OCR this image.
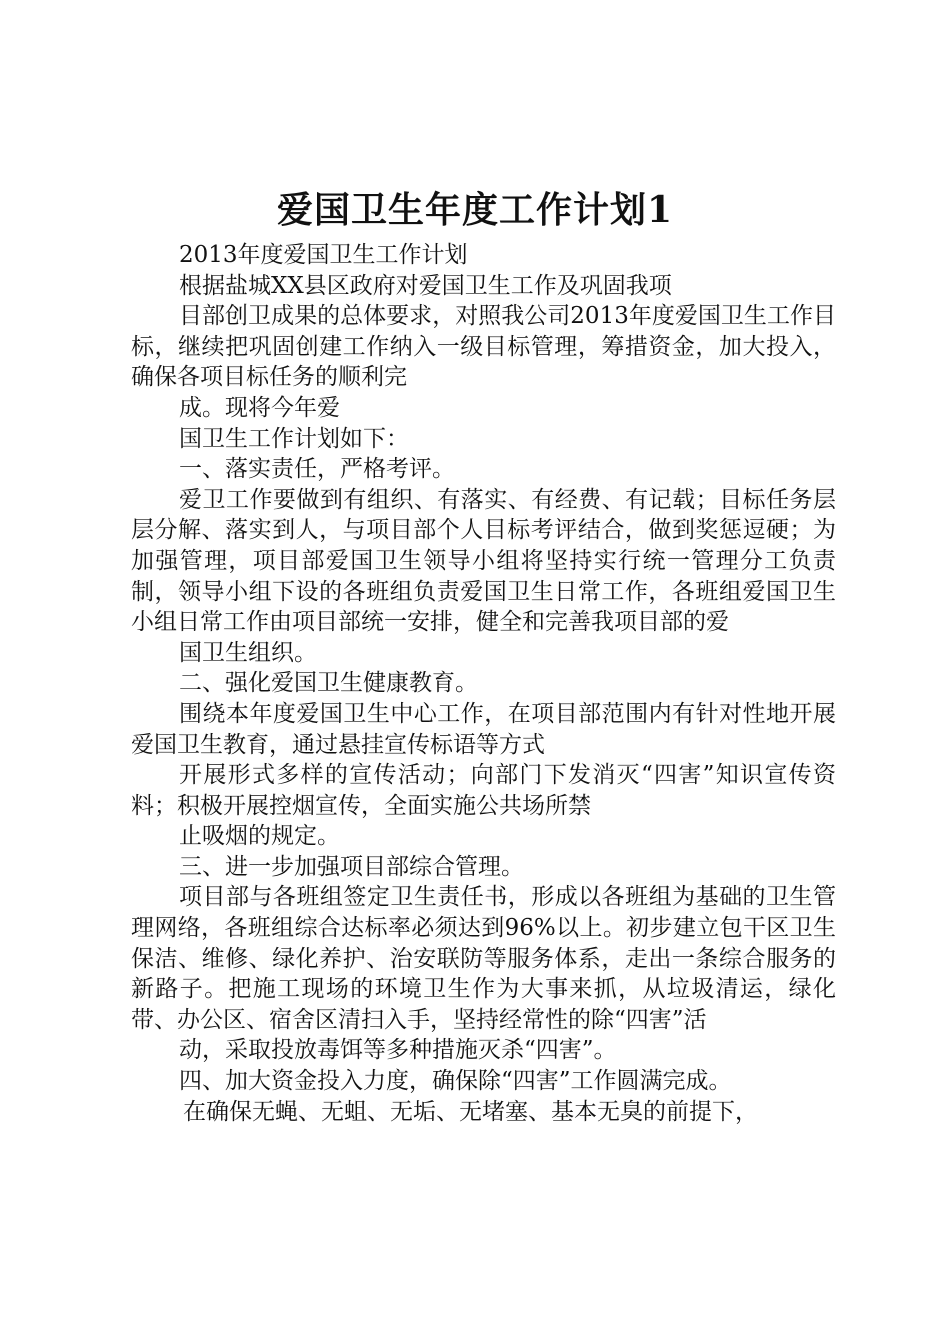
爱国卫生年度工作计划1

2013年度爱国卫生工作计划

根据盐城XX县区政府对爱国卫生工作及巩固我项

目部创卫成果的总体要求，对照我公司2013年度爱国卫生工作目标，继续把巩固创建工作纳入一级目标管理，筹措资金，加大投入，确保各项目标任务的顺利完

成。现将今年爱

国卫生工作计划如下：

一、落实责任，严格考评。

爱卫工作要做到有组织、有落实、有经费、有记载；目标任务层层分解、落实到人，与项目部个人目标考评结合，做到奖惩逗硬；为加强管理，项目部爱国卫生领导小组将坚持实行统一管理分工负责制，领导小组下设的各班组负责爱国卫生日常工作，各班组爱国卫生小组日常工作由项目部统一安排，健全和完善我项目部的爱

国卫生组织。

二、强化爱国卫生健康教育。

围绕本年度爱国卫生中心工作，在项目部范围内有针对性地开展爱国卫生教育，通过悬挂宣传标语等方式

开展形式多样的宣传活动；向部门下发消灭“四害”知识宣传资料；积极开展控烟宣传，全面实施公共场所禁

止吸烟的规定。

三、进一步加强项目部综合管理。

项目部与各班组签定卫生责任书，形成以各班组为基础的卫生管理网络，各班组综合达标率必须达到96%以上。初步建立包干区卫生保洁、维修、绿化养护、治安联防等服务体系，走出一条综合服务的新路子。把施工现场的环境卫生作为大事来抓，从垃圾清运，绿化带、办公区、宿舍区清扫入手，坚持经常性的除“四害”活

动，采取投放毒饵等多种措施灭杀“四害”。

四、加大资金投入力度，确保除“四害”工作圆满完成。

在确保无蝇、无蛆、无垢、无堵塞、基本无臭的前提下，
